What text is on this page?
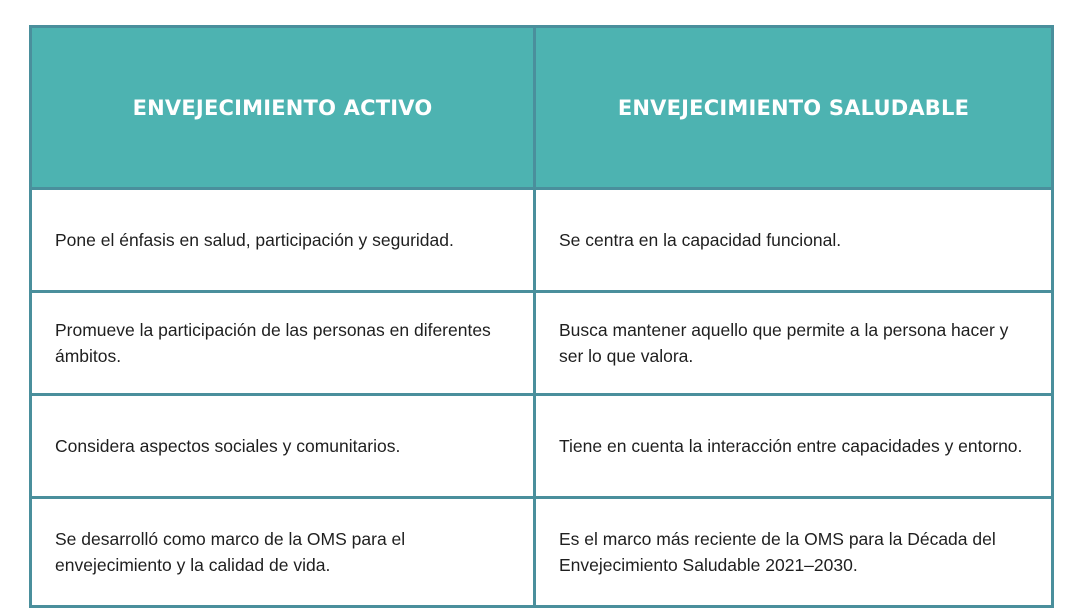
ENVEJECIMIENTO ACTIVO	ENVEJECIMIENTO SALUDABLE
Pone el énfasis en salud, participación y seguridad.	Se centra en la capacidad funcional.
Promueve la participación de las personas en diferentes ámbitos.	Busca mantener aquello que permite a la persona hacer y ser lo que valora.
Considera aspectos sociales y comunitarios.	Tiene en cuenta la interacción entre capacidades y entorno.
Se desarrolló como marco de la OMS para el envejecimiento y la calidad de vida.	Es el marco más reciente de la OMS para la Década del Envejecimiento Saludable 2021–2030.
